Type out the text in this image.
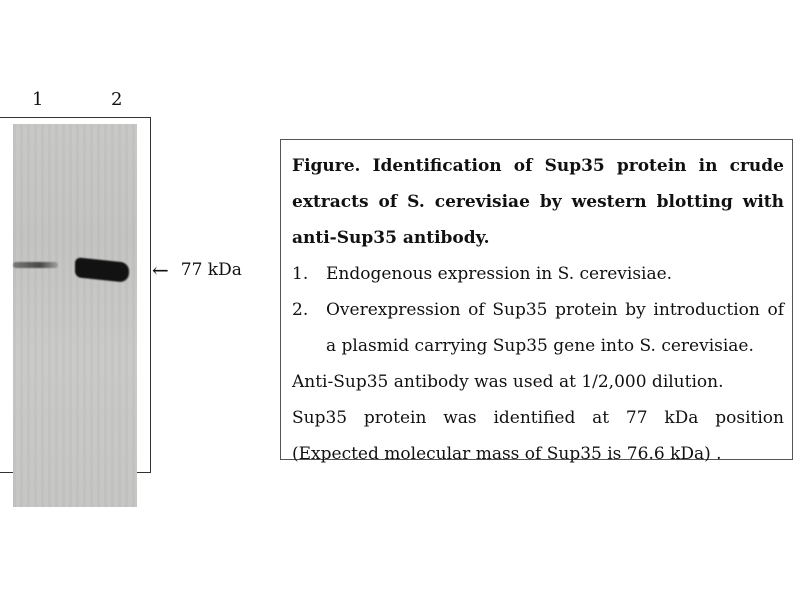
1	2
← 77 kDa
Figure. Identification of Sup35 protein in crude extracts of S. cerevisiae by western blotting with anti-Sup35 antibody.
1. Endogenous expression in S. cerevisiae.
2. Overexpression of Sup35 protein by introduction of a plasmid carrying Sup35 gene into S. cerevisiae.
Anti-Sup35 antibody was used at 1/2,000 dilution.
Sup35 protein was identified at 77 kDa position (Expected molecular mass of Sup35 is 76.6 kDa) .
